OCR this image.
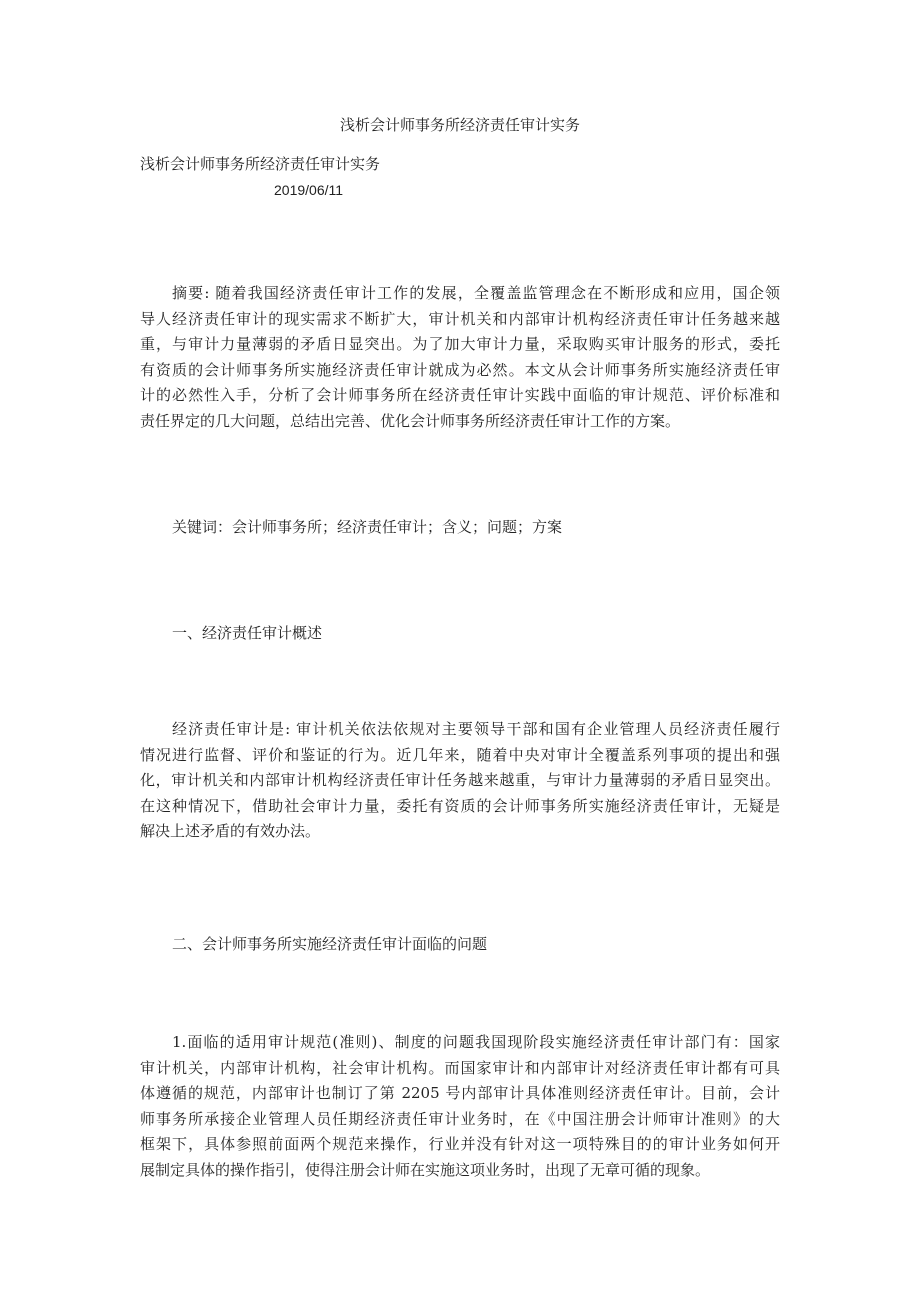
浅析会计师事务所经济责任审计实务
浅析会计师事务所经济责任审计实务
2019/06/11
摘要: 随着我国经济责任审计工作的发展，全覆盖监管理念在不断形成和应用，国企领
导人经济责任审计的现实需求不断扩大，审计机关和内部审计机构经济责任审计任务越来越
重，与审计力量薄弱的矛盾日显突出。为了加大审计力量，采取购买审计服务的形式，委托
有资质的会计师事务所实施经济责任审计就成为必然。本文从会计师事务所实施经济责任审
计的必然性入手，分析了会计师事务所在经济责任审计实践中面临的审计规范、评价标准和
责任界定的几大问题，总结出完善、优化会计师事务所经济责任审计工作的方案。
关键词：会计师事务所；经济责任审计；含义；问题；方案
一、经济责任审计概述
经济责任审计是: 审计机关依法依规对主要领导干部和国有企业管理人员经济责任履行
情况进行监督、评价和鉴证的行为。近几年来，随着中央对审计全覆盖系列事项的提出和强
化，审计机关和内部审计机构经济责任审计任务越来越重，与审计力量薄弱的矛盾日显突出。
在这种情况下，借助社会审计力量，委托有资质的会计师事务所实施经济责任审计，无疑是
解决上述矛盾的有效办法。
二、会计师事务所实施经济责任审计面临的问题
1.面临的适用审计规范(准则)、制度的问题我国现阶段实施经济责任审计部门有：国家
审计机关，内部审计机构，社会审计机构。而国家审计和内部审计对经济责任审计都有可具
体遵循的规范，内部审计也制订了第 2205 号内部审计具体准则经济责任审计。目前，会计
师事务所承接企业管理人员任期经济责任审计业务时，在《中国注册会计师审计准则》的大
框架下，具体参照前面两个规范来操作，行业并没有针对这一项特殊目的的审计业务如何开
展制定具体的操作指引，使得注册会计师在实施这项业务时，出现了无章可循的现象。
